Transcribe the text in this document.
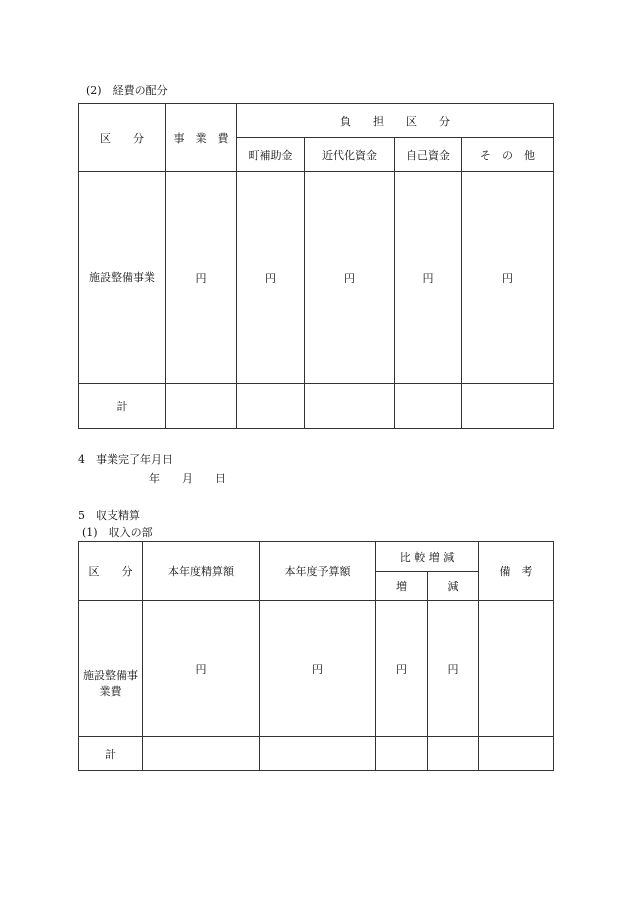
(2)　経費の配分
区　　分	事　業　費	負　　担　　区　　分			
		町補助金	近代化資金	自己資金	そ　の　他
施設整備事業	円	円	円	円	円
計					
4　事業完了年月日
年　　月　　日
5　収支精算
(1)　収入の部
区　　分	本年度精算額	本年度予算額	比 較 増 減		備　考
			増	減	
施設整備事業費	円	円	円	円	
計					
